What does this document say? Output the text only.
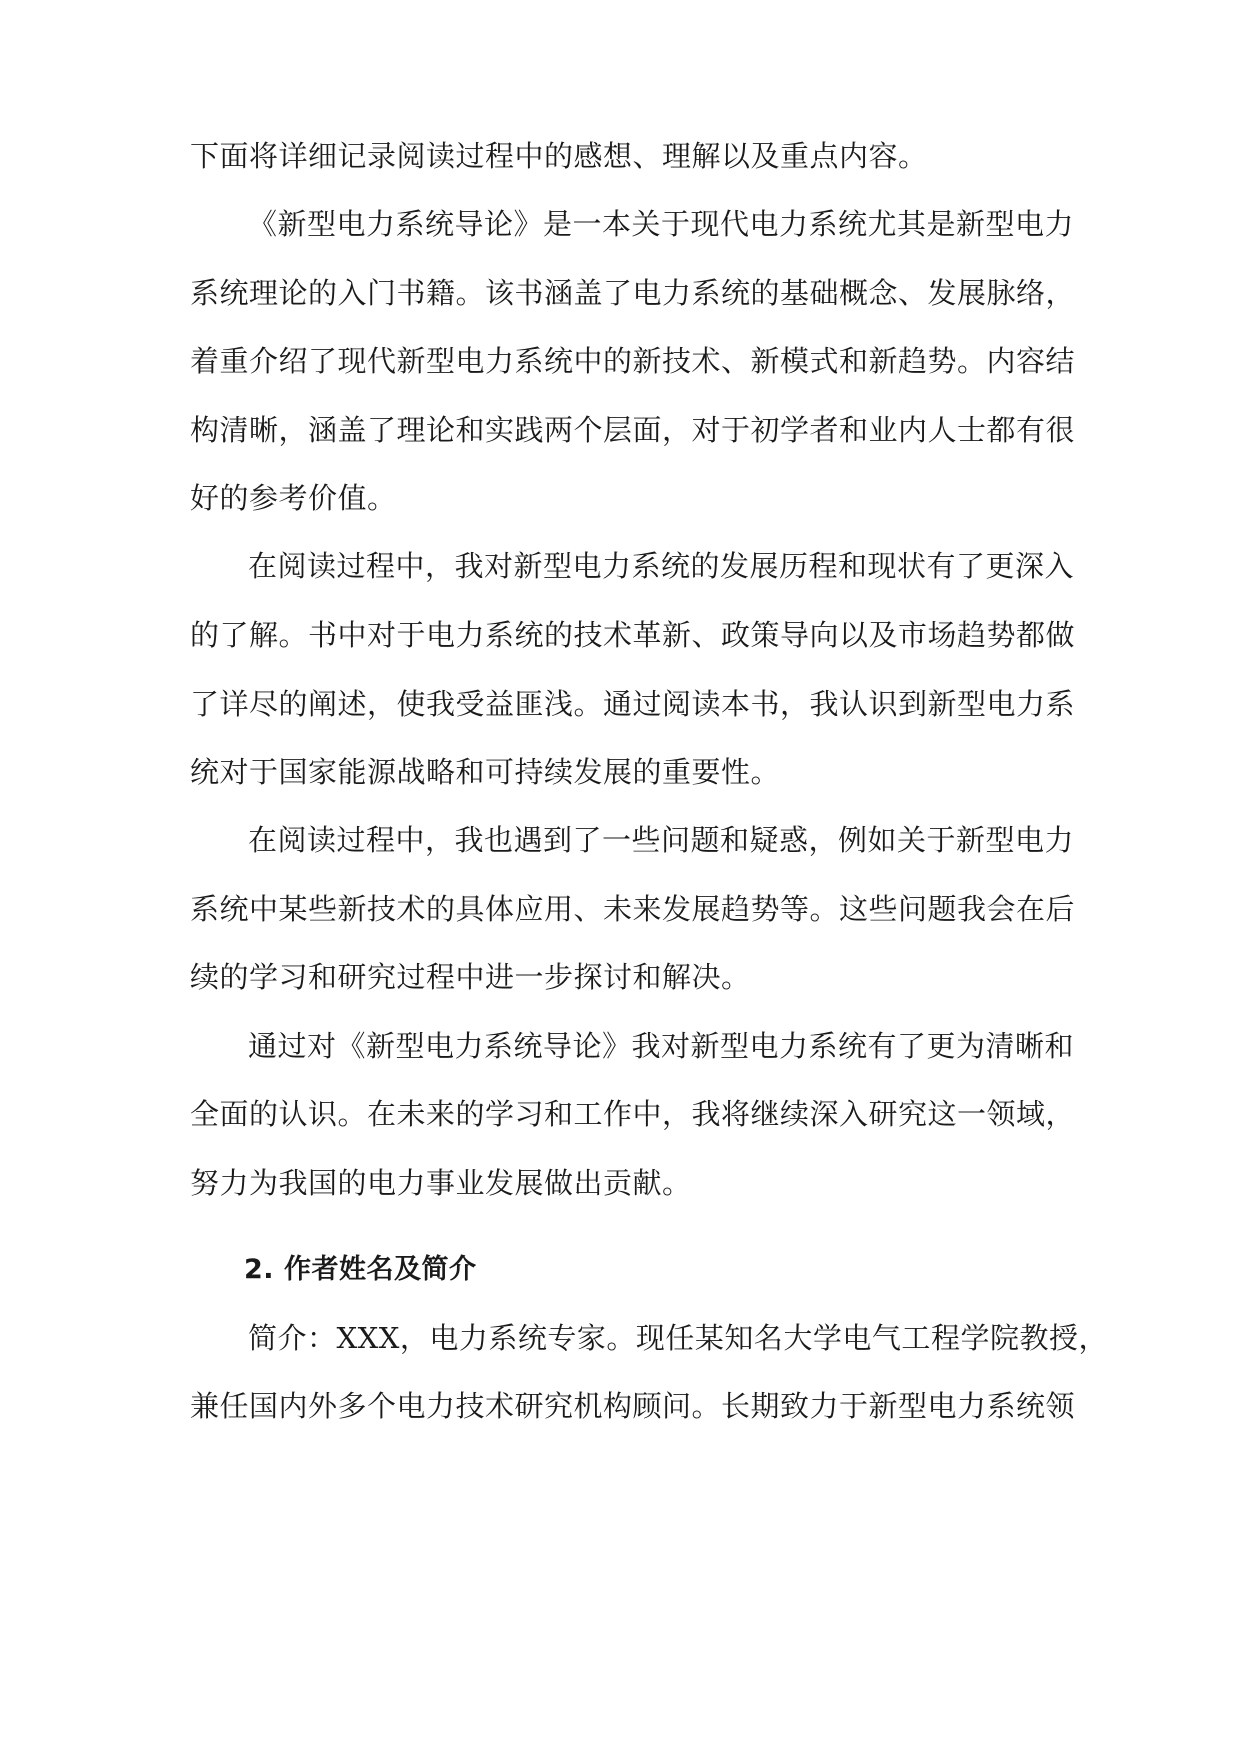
下面将详细记录阅读过程中的感想、理解以及重点内容。
《新型电力系统导论》是一本关于现代电力系统尤其是新型电力
系统理论的入门书籍。该书涵盖了电力系统的基础概念、发展脉络，
着重介绍了现代新型电力系统中的新技术、新模式和新趋势。内容结
构清晰，涵盖了理论和实践两个层面，对于初学者和业内人士都有很
好的参考价值。
在阅读过程中，我对新型电力系统的发展历程和现状有了更深入
的了解。书中对于电力系统的技术革新、政策导向以及市场趋势都做
了详尽的阐述，使我受益匪浅。通过阅读本书，我认识到新型电力系
统对于国家能源战略和可持续发展的重要性。
在阅读过程中，我也遇到了一些问题和疑惑，例如关于新型电力
系统中某些新技术的具体应用、未来发展趋势等。这些问题我会在后
续的学习和研究过程中进一步探讨和解决。
通过对《新型电力系统导论》我对新型电力系统有了更为清晰和
全面的认识。在未来的学习和工作中，我将继续深入研究这一领域，
努力为我国的电力事业发展做出贡献。
2. 作者姓名及简介
简介：XXX，电力系统专家。现任某知名大学电气工程学院教授，
兼任国内外多个电力技术研究机构顾问。长期致力于新型电力系统领
